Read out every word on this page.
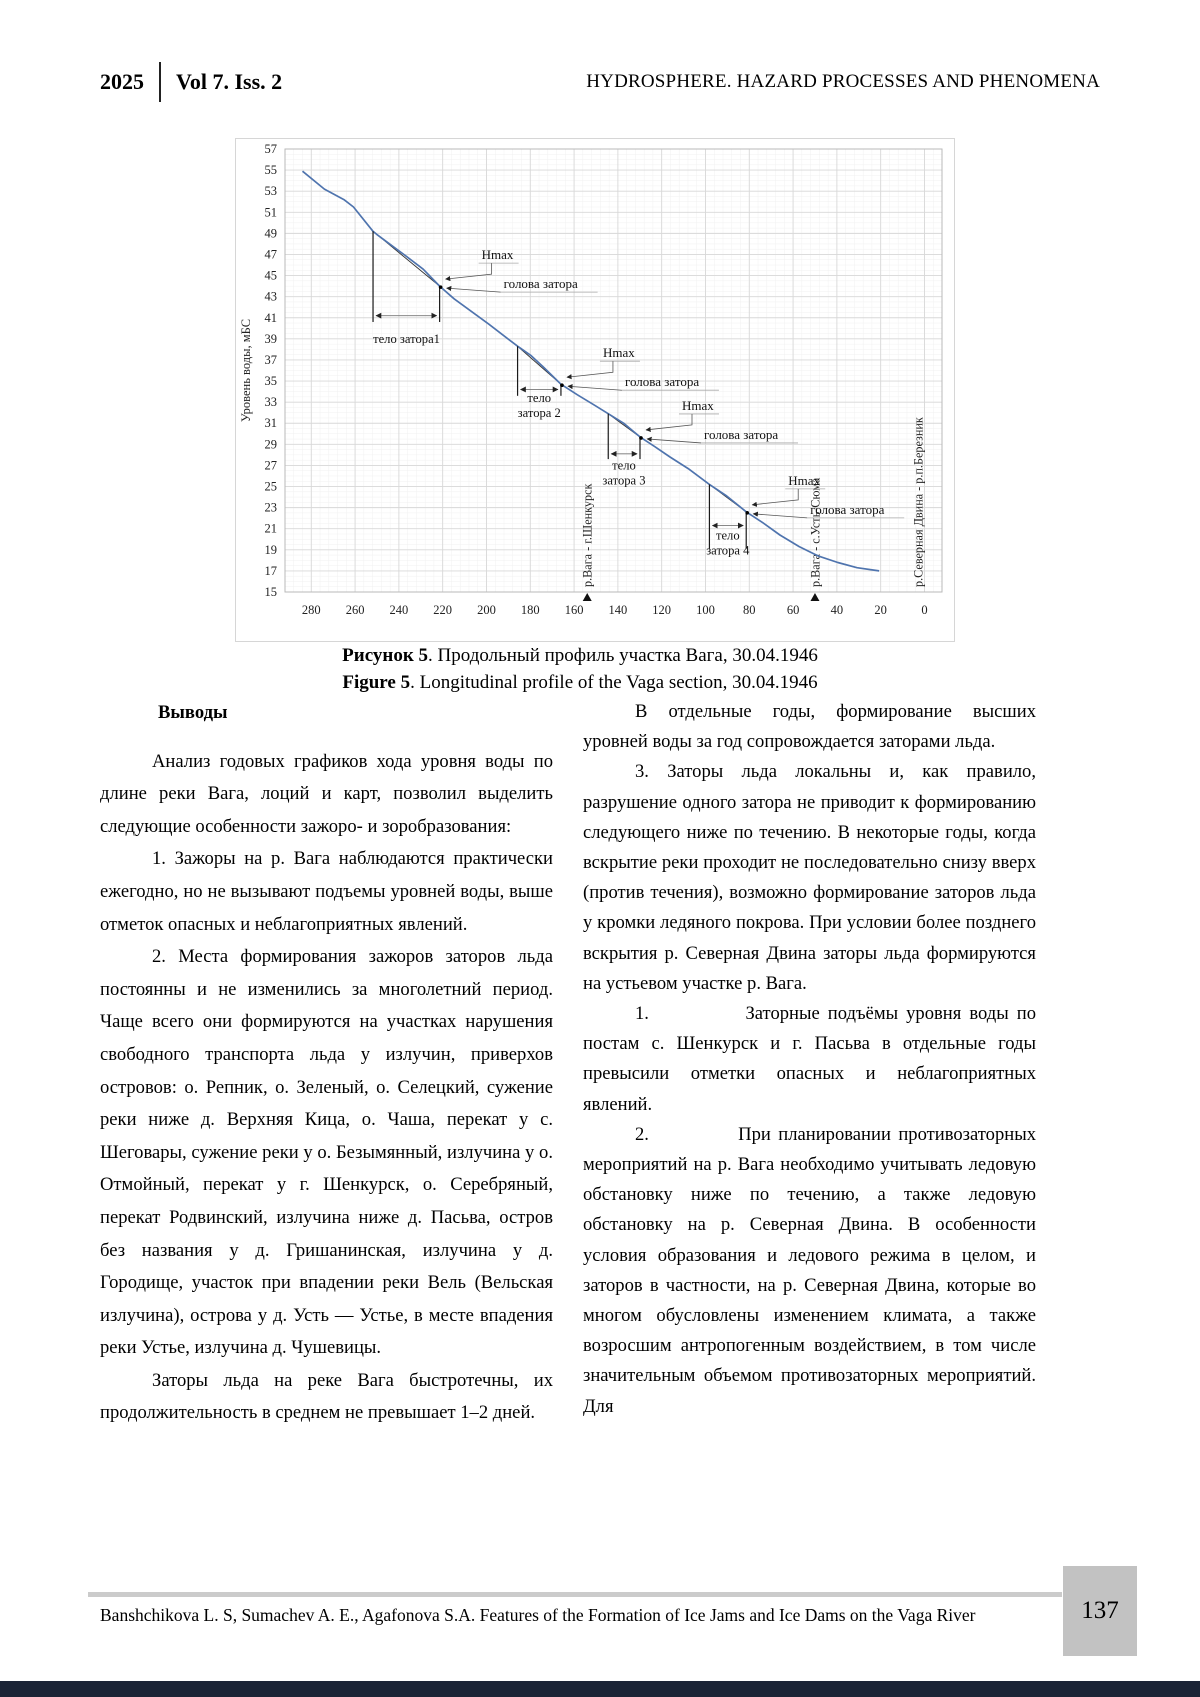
2025 Vol 7. Iss. 2	HYDROSPHERE. HAZARD PROCESSES AND PHENOMENA
15
17
19
21
23
25
27
29
31
33
35
37
39
41
43
45
47
49
51
53
55
57
280 260 240 220 200 180 160 140 120 100 80	60	40	20	0
Уровень воды, мБС
р.Вага - г.Шенкурск	р.Вага - с.Усть-Сюма	р.Северная Двина - р.п.Березник
тело затора1
Hmax
голова затора
тело
затора 2
Hmax
голова затора
тело
затора 3
Hmax
голова затора
тело
затора 4
Hmax
голова затора

Рисунок 5. Продольный профиль участка Вага, 30.04.1946

Figure 5. Longitudinal profile of the Vaga section, 30.04.1946

Выводы

Анализ годовых графиков хода уровня воды по длине реки Вага, лоций и карт, позволил выделить следующие особенности зажоро- и зоробразования:

1. Зажоры на р. Вага наблюдаются практически ежегодно, но не вызывают подъемы уровней воды, выше отметок опасных и неблагоприятных явлений.

2. Места формирования зажоров заторов льда постоянны и не изменились за многолетний период. Чаще всего они формируются на участках нарушения свободного транспорта льда у излучин, приверхов островов: о. Репник, о. Зеленый, о. Селецкий, сужение реки ниже д. Верхняя Кица, о. Чаша, перекат у с. Шеговары, сужение реки у о. Безымянный, излучина у о. Отмойный, перекат у г. Шенкурск, о. Серебряный, перекат Родвинский, излучина ниже д. Пасьва, остров без названия у д. Гришанинская, излучина у д. Городище, участок при впадении реки Вель (Вельская излучина), острова у д. Усть — Устье, в месте впадения реки Устье, излучина д. Чушевицы.

Заторы льда на реке Вага быстротечны, их продолжительность в среднем не превышает 1–2 дней.

В отдельные годы, формирование высших уровней воды за год сопровождается заторами льда.

3. Заторы льда локальны и, как правило, разрушение одного затора не приводит к формированию следующего ниже по течению. В некоторые годы, когда вскрытие реки проходит не последовательно снизу вверх (против течения), возможно формирование заторов льда у кромки ледяного покрова. При условии более позднего вскрытия р. Северная Двина заторы льда формируются на устьевом участке р. Вага.

1.            Заторные подъёмы уровня воды по постам с. Шенкурск и г. Пасьва в отдельные годы превысили отметки опасных и неблагоприятных явлений.

2.            При планировании противозаторных мероприятий на р. Вага необходимо учитывать ледовую обстановку ниже по течению, а также ледовую обстановку на р. Северная Двина. В особенности условия образования и ледового режима в целом, и заторов в частности, на р. Северная Двина, которые во многом обусловлены изменением климата, а также возросшим антропогенным воздействием, в том числе значительным объемом противозаторных мероприятий. Для

Banshchikova L. S, Sumachev A. E., Agafonova S.A. Features of the Formation of Ice Jams and Ice Dams on the Vaga River	137
